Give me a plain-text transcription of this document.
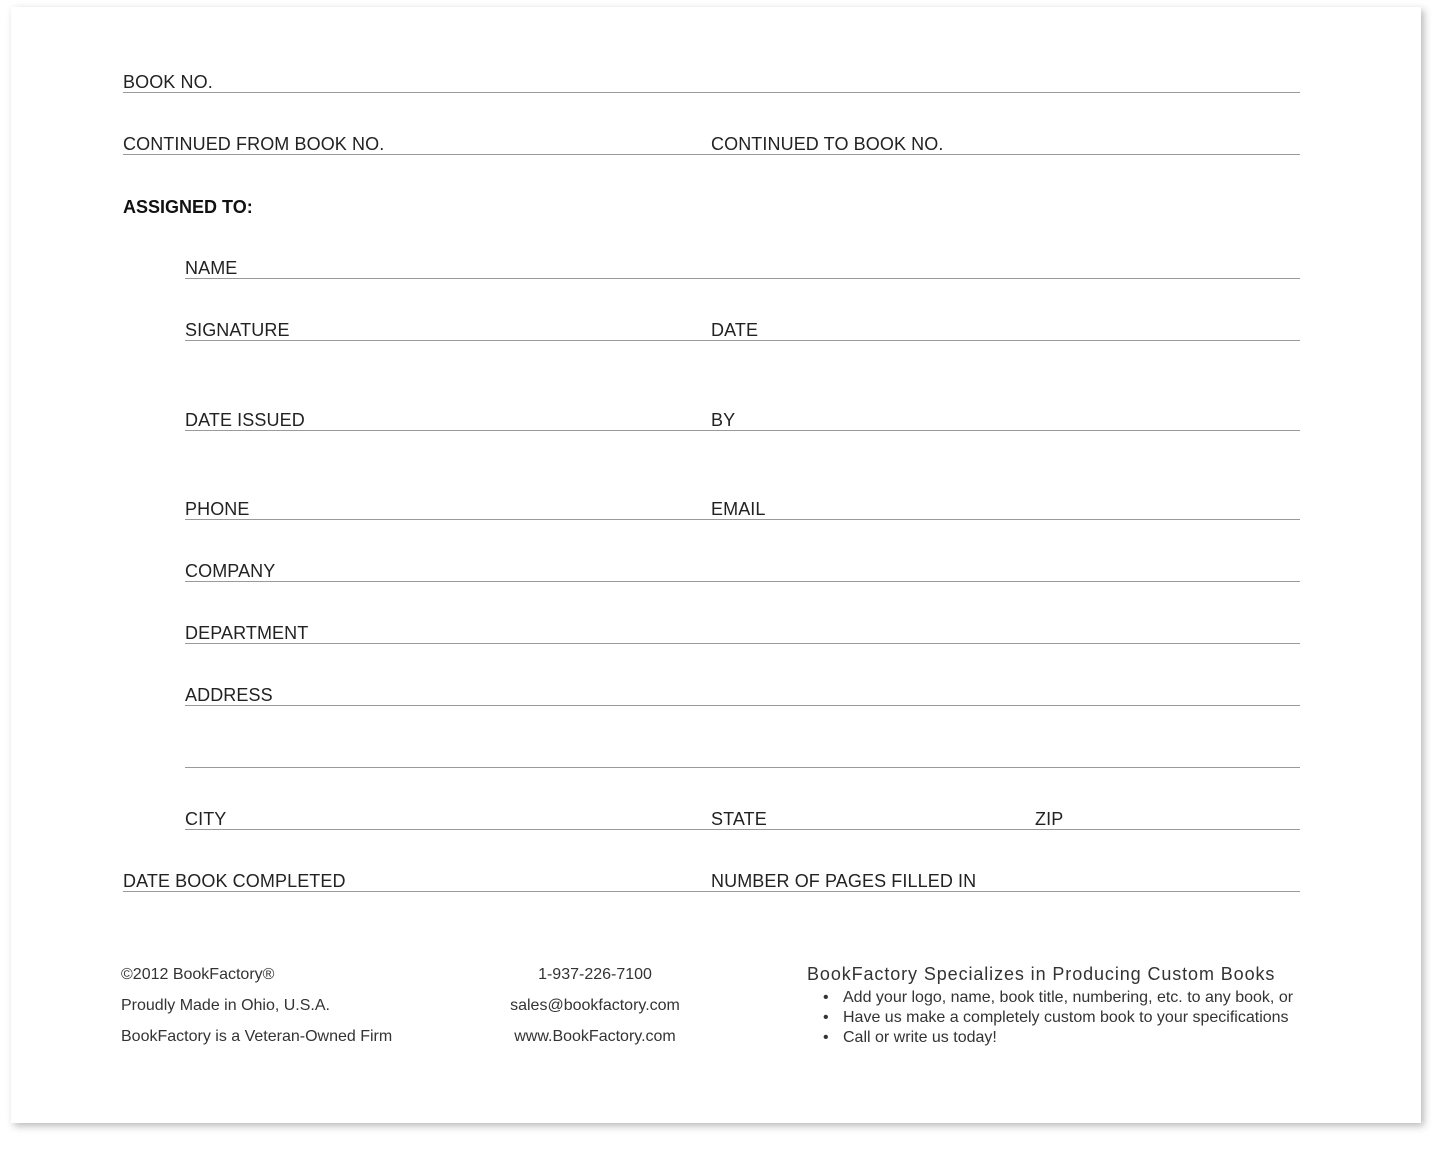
BOOK NO.
CONTINUED FROM BOOK NO.	CONTINUED TO BOOK NO.
ASSIGNED TO:
NAME
SIGNATURE	DATE
DATE ISSUED	BY
PHONE	EMAIL
COMPANY
DEPARTMENT
ADDRESS
CITY	STATE	ZIP
DATE BOOK COMPLETED	NUMBER OF PAGES FILLED IN
©2012 BookFactory®
Proudly Made in Ohio, U.S.A.
BookFactory is a Veteran-Owned Firm
1-937-226-7100
sales@bookfactory.com
www.BookFactory.com
BookFactory Specializes in Producing Custom Books
• Add your logo, name, book title, numbering, etc. to any book, or
• Have us make a completely custom book to your specifications
• Call or write us today!
